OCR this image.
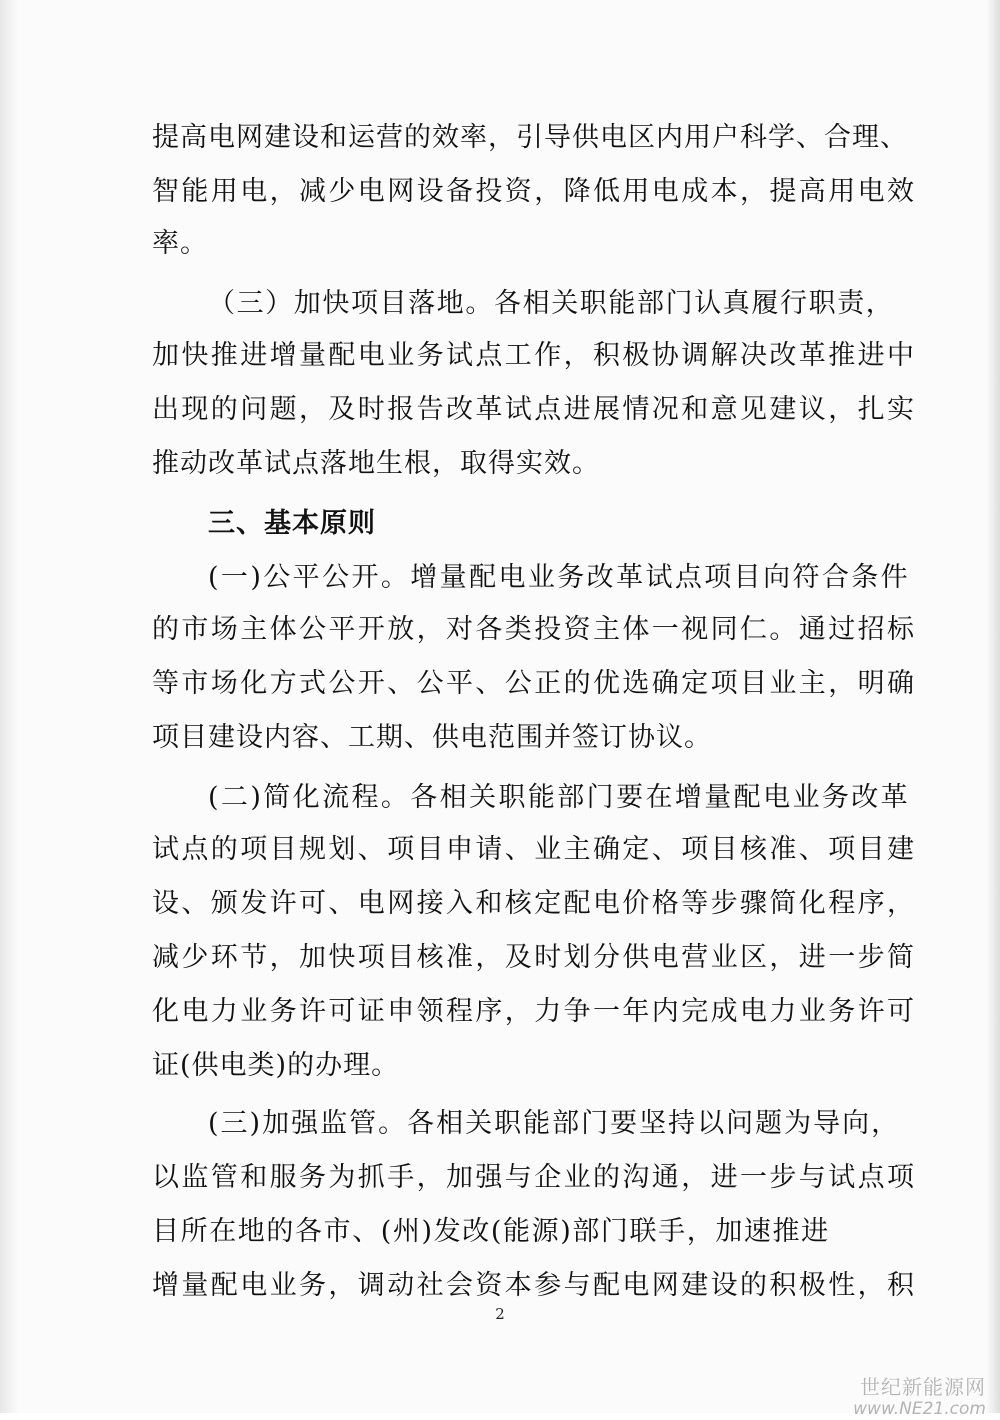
提高电网建设和运营的效率，引导供电区内用户科学、合理、
智能用电，减少电网设备投资，降低用电成本，提高用电效
率。
（三）加快项目落地。各相关职能部门认真履行职责，
加快推进增量配电业务试点工作，积极协调解决改革推进中
出现的问题，及时报告改革试点进展情况和意见建议，扎实
推动改革试点落地生根，取得实效。
三、基本原则
(一)公平公开。增量配电业务改革试点项目向符合条件
的市场主体公平开放，对各类投资主体一视同仁。通过招标
等市场化方式公开、公平、公正的优选确定项目业主，明确
项目建设内容、工期、供电范围并签订协议。
(二)简化流程。各相关职能部门要在增量配电业务改革
试点的项目规划、项目申请、业主确定、项目核准、项目建
设、颁发许可、电网接入和核定配电价格等步骤简化程序，
减少环节，加快项目核准，及时划分供电营业区，进一步简
化电力业务许可证申领程序，力争一年内完成电力业务许可
证(供电类)的办理。
(三)加强监管。各相关职能部门要坚持以问题为导向，
以监管和服务为抓手，加强与企业的沟通，进一步与试点项
目所在地的各市、(州)发改(能源)部门联手，加速推进
增量配电业务，调动社会资本参与配电网建设的积极性，积
2
世纪新能源网
www.NE21.com
